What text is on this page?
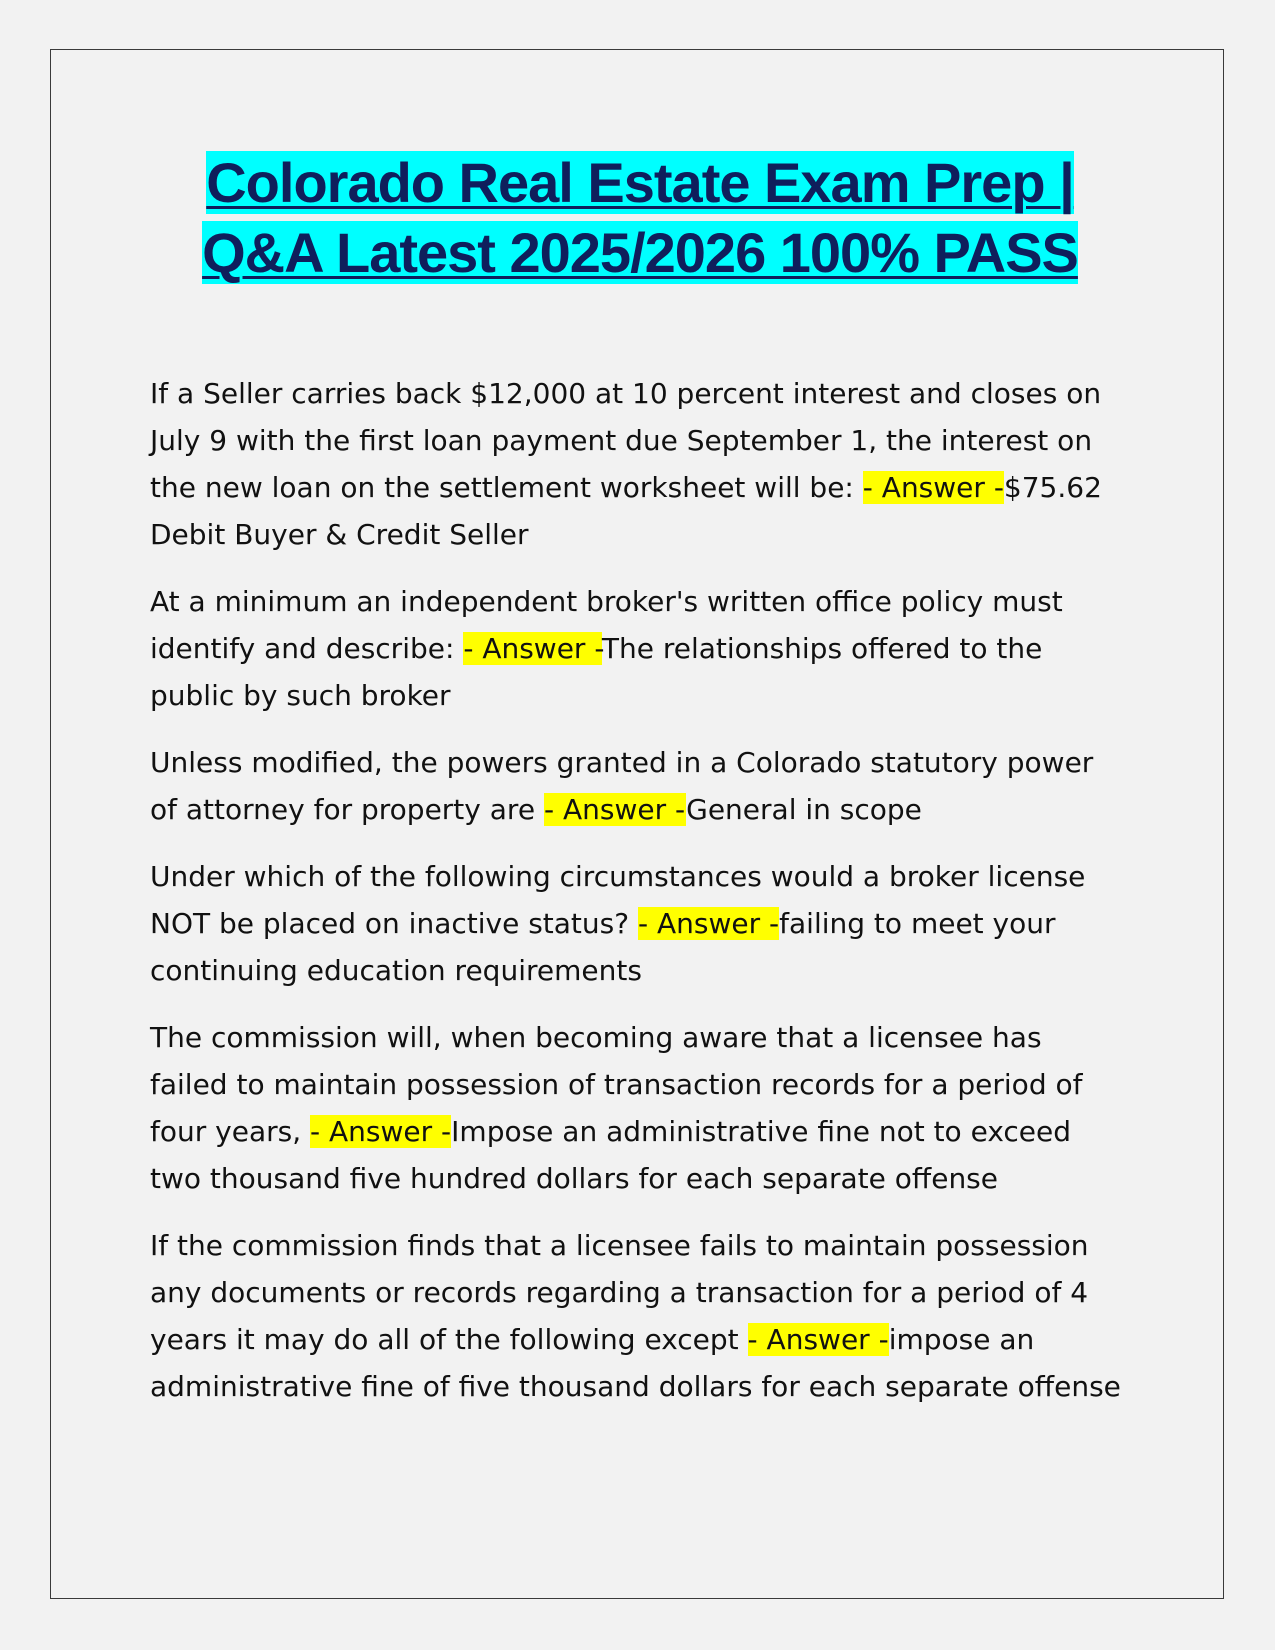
Colorado Real Estate Exam Prep |
Q&A Latest 2025/2026 100% PASS

If a Seller carries back $12,000 at 10 percent interest and closes on July 9 with the first loan payment due September 1, the interest on the new loan on the settlement worksheet will be: - Answer -$75.62 Debit Buyer & Credit Seller

At a minimum an independent broker's written office policy must identify and describe: - Answer -The relationships offered to the public by such broker

Unless modified, the powers granted in a Colorado statutory power of attorney for property are - Answer -General in scope

Under which of the following circumstances would a broker license NOT be placed on inactive status? - Answer -failing to meet your continuing education requirements

The commission will, when becoming aware that a licensee has failed to maintain possession of transaction records for a period of four years, - Answer -Impose an administrative fine not to exceed two thousand five hundred dollars for each separate offense

If the commission finds that a licensee fails to maintain possession any documents or records regarding a transaction for a period of 4 years it may do all of the following except - Answer -impose an administrative fine of five thousand dollars for each separate offense
